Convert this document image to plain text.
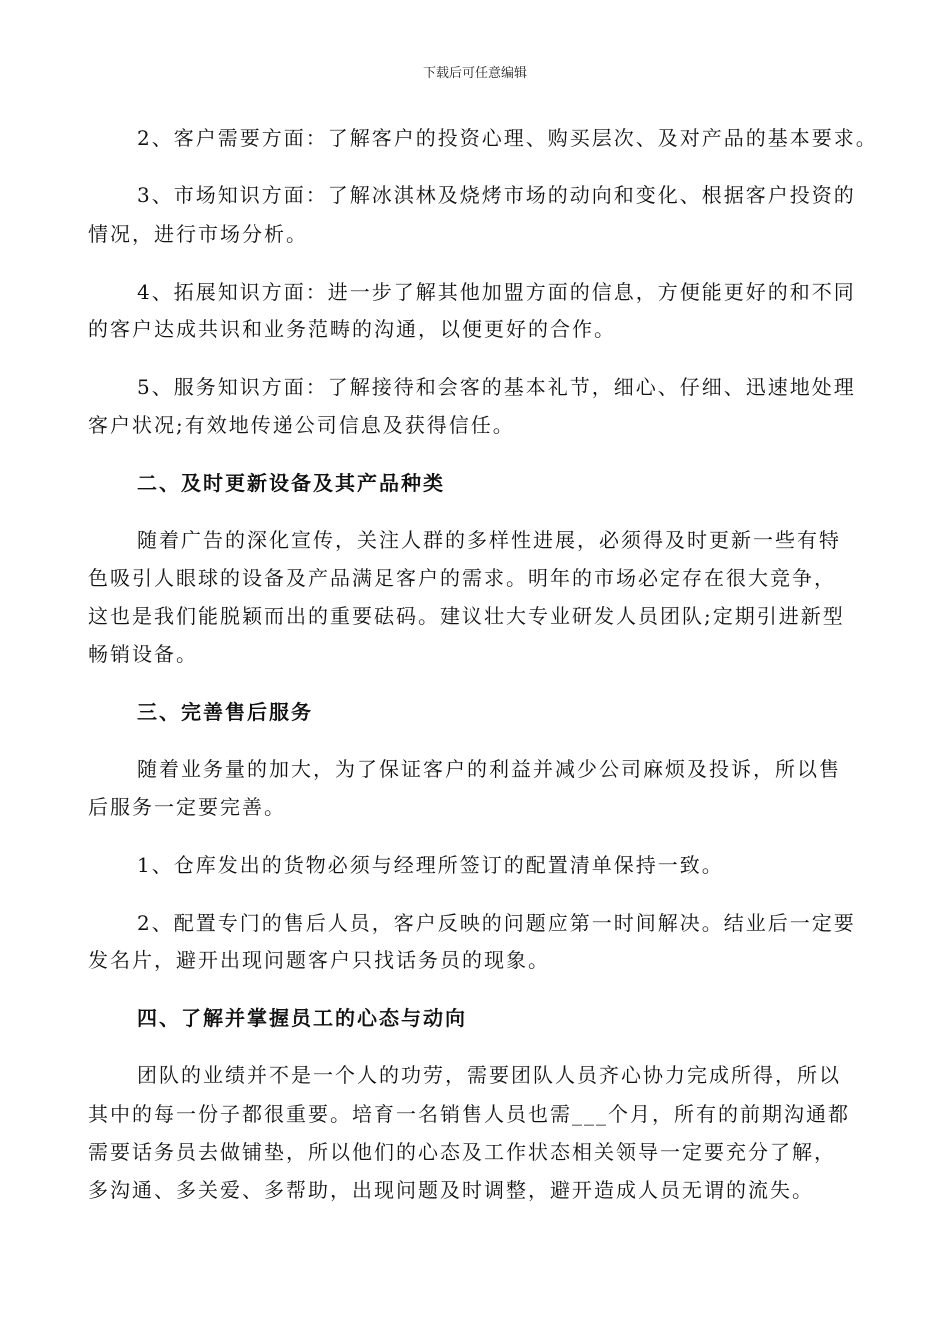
下载后可任意编辑
2、客户需要方面：了解客户的投资心理、购买层次、及对产品的基本要求。
3、市场知识方面：了解冰淇林及烧烤市场的动向和变化、根据客户投资的
情况，进行市场分析。
4、拓展知识方面：进一步了解其他加盟方面的信息，方便能更好的和不同
的客户达成共识和业务范畴的沟通，以便更好的合作。
5、服务知识方面：了解接待和会客的基本礼节，细心、仔细、迅速地处理
客户状况;有效地传递公司信息及获得信任。
二、及时更新设备及其产品种类
随着广告的深化宣传，关注人群的多样性进展，必须得及时更新一些有特
色吸引人眼球的设备及产品满足客户的需求。明年的市场必定存在很大竞争，
这也是我们能脱颖而出的重要砝码。建议壮大专业研发人员团队;定期引进新型
畅销设备。
三、完善售后服务
随着业务量的加大，为了保证客户的利益并减少公司麻烦及投诉，所以售
后服务一定要完善。
1、仓库发出的货物必须与经理所签订的配置清单保持一致。
2、配置专门的售后人员，客户反映的问题应第一时间解决。结业后一定要
发名片，避开出现问题客户只找话务员的现象。
四、了解并掌握员工的心态与动向
团队的业绩并不是一个人的功劳，需要团队人员齐心协力完成所得，所以
其中的每一份子都很重要。培育一名销售人员也需___个月，所有的前期沟通都
需要话务员去做铺垫，所以他们的心态及工作状态相关领导一定要充分了解，
多沟通、多关爱、多帮助，出现问题及时调整，避开造成人员无谓的流失。
